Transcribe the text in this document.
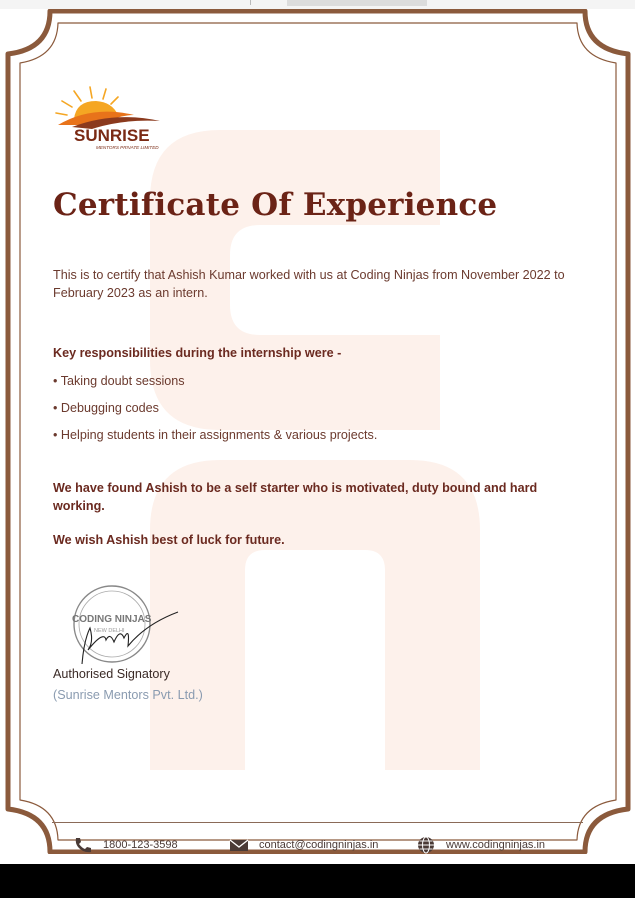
SUNRISE
MENTORS PRIVATE LIMITED
Certificate Of Experience

This is to certify that Ashish Kumar worked with us at Coding Ninjas from November 2022 to February 2023 as an intern.

Key responsibilities during the internship were -

• Taking doubt sessions
• Debugging codes
• Helping students in their assignments & various projects.

We have found Ashish to be a self starter who is motivated, duty bound and hard working.

We wish Ashish best of luck for future.

CODING NINJAS
NEW DELHI

Authorised Signatory

(Sunrise Mentors Pvt. Ltd.)

1800-123-3598	contact@codingninjas.in	www.codingninjas.in
